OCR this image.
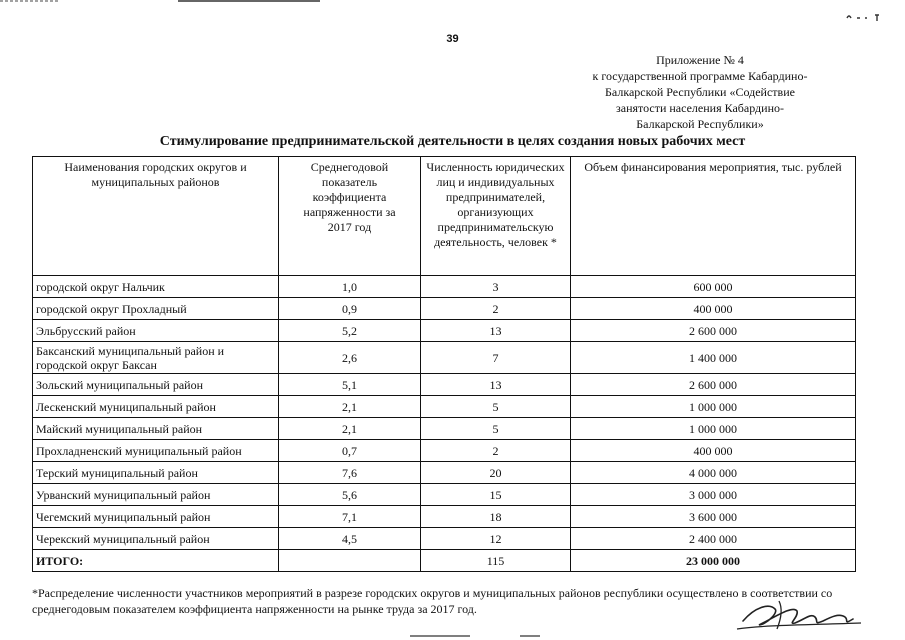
39
Приложение № 4
к государственной программе Кабардино-
Балкарской Республики «Содействие
занятости населения Кабардино-
Балкарской Республики»
Стимулирование предпринимательской деятельности в целях создания новых рабочих мест
Наименования городских округов и муниципальных районов	Среднегодовой показатель коэффициента напряженности за 2017 год	Численность юридических лиц и индивидуальных предпринимателей, организующих предпринимательскую деятельность, человек *	Объем финансирования мероприятия, тыс. рублей
городской округ Нальчик	1,0	3	600 000
городской округ Прохладный	0,9	2	400 000
Эльбрусский район	5,2	13	2 600 000
Баксанский муниципальный район и городской округ Баксан	2,6	7	1 400 000
Зольский муниципальный район	5,1	13	2 600 000
Лескенский муниципальный район	2,1	5	1 000 000
Майский муниципальный район	2,1	5	1 000 000
Прохладненский муниципальный район	0,7	2	400 000
Терский муниципальный район	7,6	20	4 000 000
Урванский муниципальный район	5,6	15	3 000 000
Чегемский муниципальный район	7,1	18	3 600 000
Черекский муниципальный район	4,5	12	2 400 000
ИТОГО:		115	23 000 000
*Распределение численности участников мероприятий в разрезе городских округов и муниципальных районов республики осуществлено в соответствии со среднегодовым показателем коэффициента напряженности на рынке труда за 2017 год.
